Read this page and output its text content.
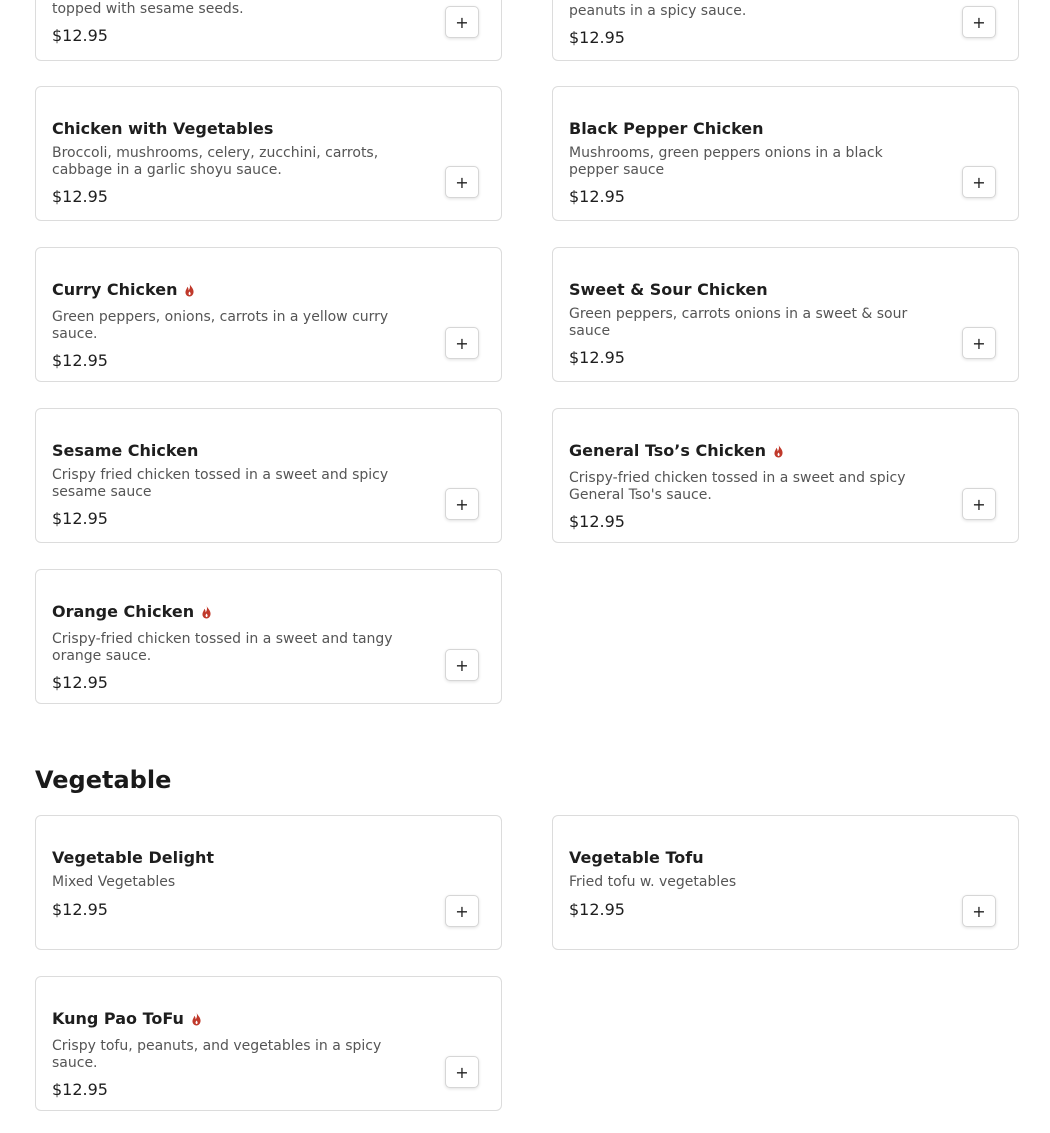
topped with sesame seeds.

$12.95

+

peanuts in a spicy sauce.

$12.95

+
Chicken with Vegetables

Broccoli, mushrooms, celery, zucchini, carrots, cabbage in a garlic shoyu sauce.

$12.95

+
Black Pepper Chicken

Mushrooms, green peppers onions in a black pepper sauce

$12.95

+
Curry Chicken

Green peppers, onions, carrots in a yellow curry sauce.

$12.95

+
Sweet & Sour Chicken

Green peppers, carrots onions in a sweet & sour sauce

$12.95

+
Sesame Chicken

Crispy fried chicken tossed in a sweet and spicy sesame sauce

$12.95

+
General Tso’s Chicken

Crispy-fried chicken tossed in a sweet and spicy General Tso's sauce.

$12.95

+
Orange Chicken

Crispy-fried chicken tossed in a sweet and tangy orange sauce.

$12.95

+
Vegetable
Vegetable Delight

Mixed Vegetables

$12.95	+
Vegetable Tofu

Fried tofu w. vegetables

$12.95	+
Kung Pao ToFu

Crispy tofu, peanuts, and vegetables in a spicy sauce.

$12.95

+
